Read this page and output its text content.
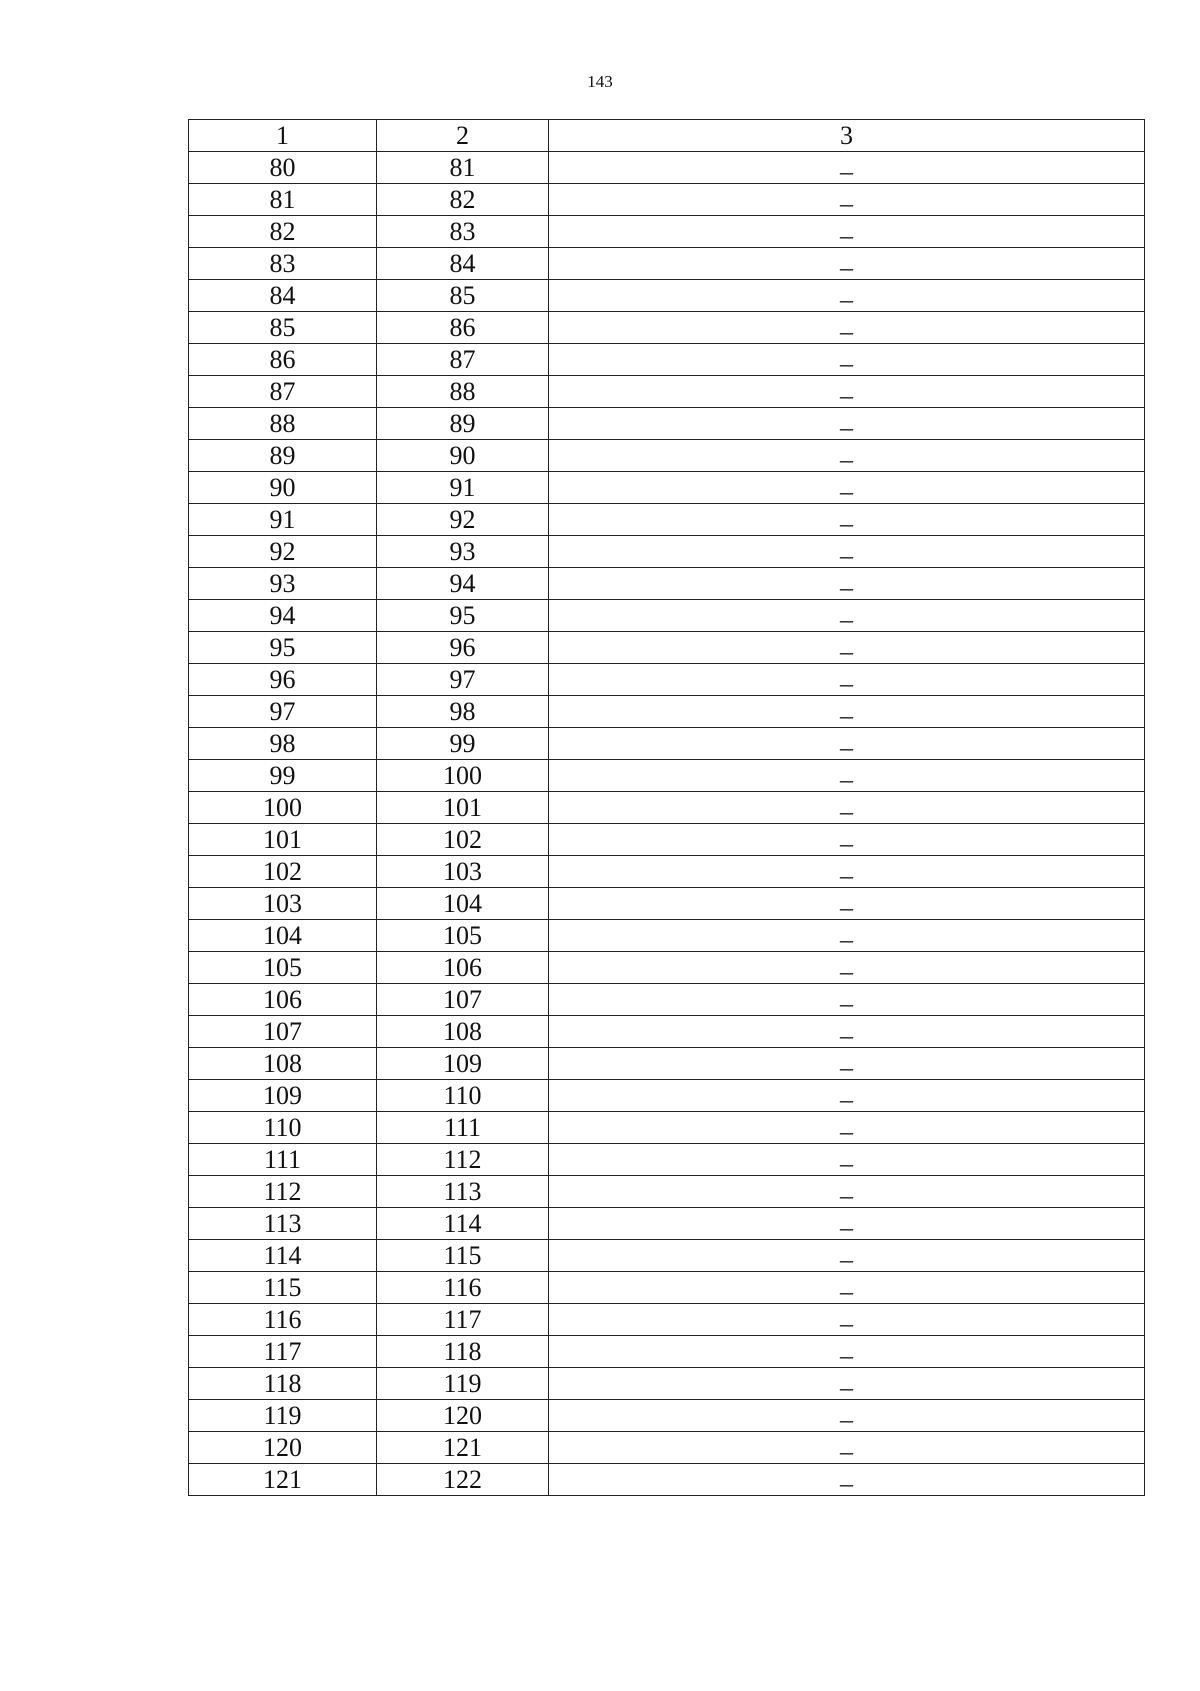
143
1	2	3
80	81	–
81	82	–
82	83	–
83	84	–
84	85	–
85	86	–
86	87	–
87	88	–
88	89	–
89	90	–
90	91	–
91	92	–
92	93	–
93	94	–
94	95	–
95	96	–
96	97	–
97	98	–
98	99	–
99	100	–
100	101	–
101	102	–
102	103	–
103	104	–
104	105	–
105	106	–
106	107	–
107	108	–
108	109	–
109	110	–
110	111	–
111	112	–
112	113	–
113	114	–
114	115	–
115	116	–
116	117	–
117	118	–
118	119	–
119	120	–
120	121	–
121	122	–
